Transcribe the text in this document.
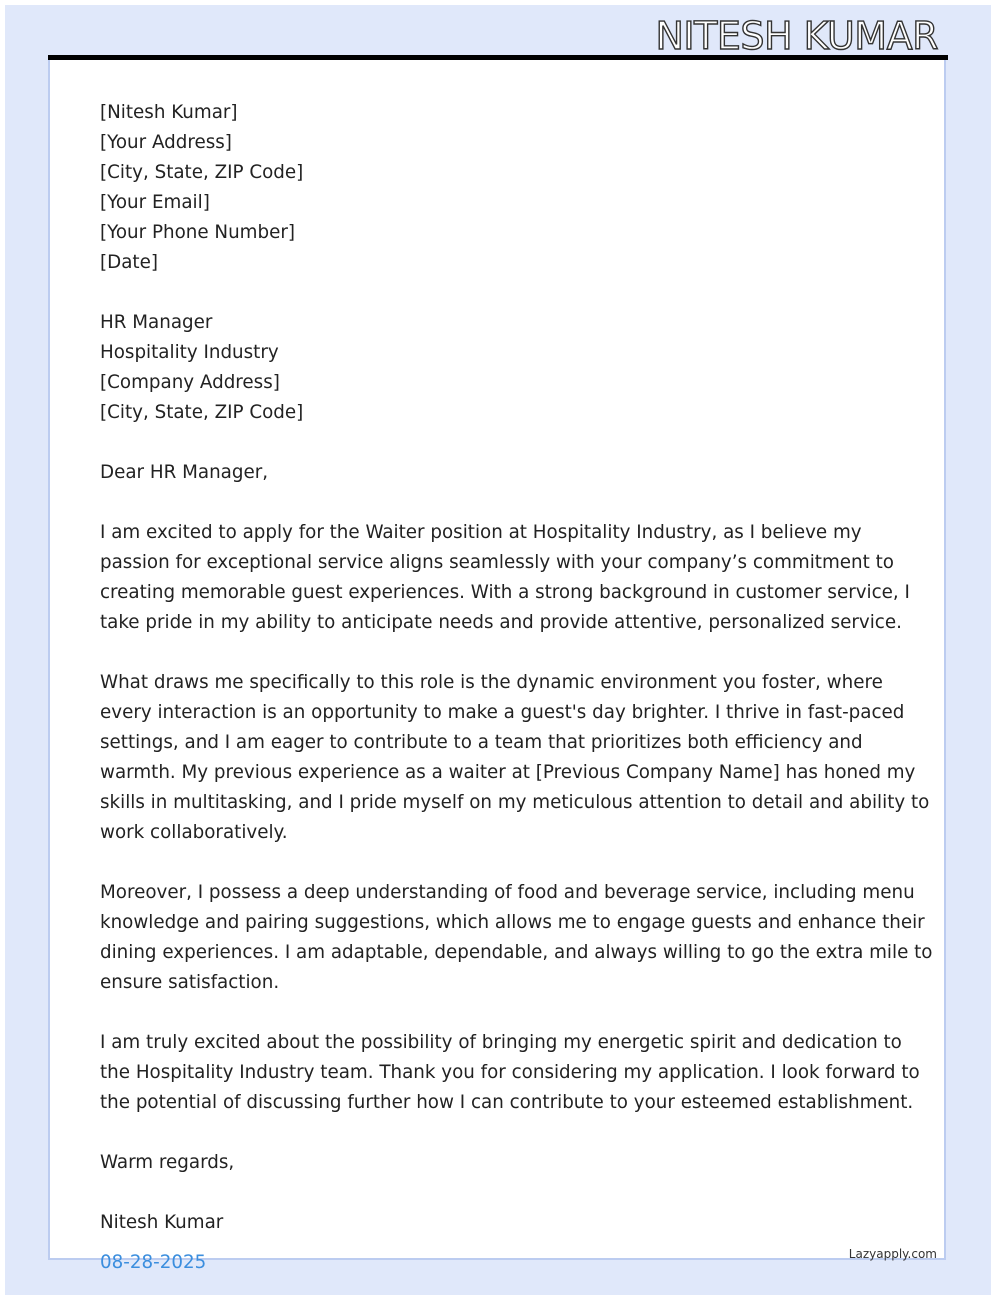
NITESH KUMAR
[Nitesh Kumar]
[Your Address]
[City, State, ZIP Code]
[Your Email]
[Your Phone Number]
[Date]
HR Manager
Hospitality Industry
[Company Address]
[City, State, ZIP Code]
Dear HR Manager,
I am excited to apply for the Waiter position at Hospitality Industry, as I believe my
passion for exceptional service aligns seamlessly with your company’s commitment to
creating memorable guest experiences. With a strong background in customer service, I
take pride in my ability to anticipate needs and provide attentive, personalized service.
What draws me specifically to this role is the dynamic environment you foster, where
every interaction is an opportunity to make a guest's day brighter. I thrive in fast-paced
settings, and I am eager to contribute to a team that prioritizes both efficiency and
warmth. My previous experience as a waiter at [Previous Company Name] has honed my
skills in multitasking, and I pride myself on my meticulous attention to detail and ability to
work collaboratively.
Moreover, I possess a deep understanding of food and beverage service, including menu
knowledge and pairing suggestions, which allows me to engage guests and enhance their
dining experiences. I am adaptable, dependable, and always willing to go the extra mile to
ensure satisfaction.
I am truly excited about the possibility of bringing my energetic spirit and dedication to
the Hospitality Industry team. Thank you for considering my application. I look forward to
the potential of discussing further how I can contribute to your esteemed establishment.
Warm regards,
Nitesh Kumar
08-28-2025	Lazyapply.com
